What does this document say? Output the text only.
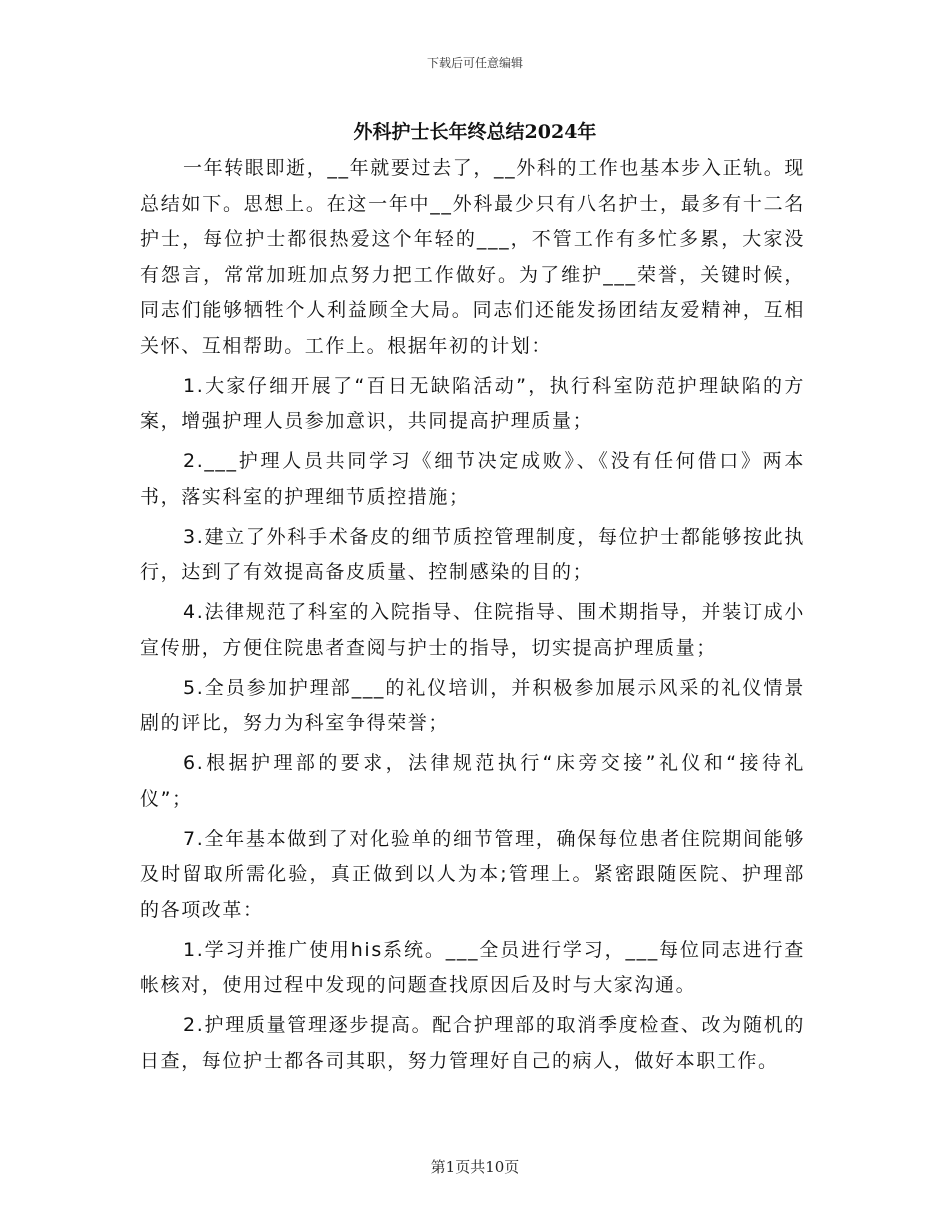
下载后可任意编辑

外科护士长年终总结2024年

一年转眼即逝，__年就要过去了，__外科的工作也基本步入正轨。现总结如下。思想上。在这一年中__外科最少只有八名护士，最多有十二名护士，每位护士都很热爱这个年轻的___，不管工作有多忙多累，大家没有怨言，常常加班加点努力把工作做好。为了维护___荣誉，关键时候，同志们能够牺牲个人利益顾全大局。同志们还能发扬团结友爱精神，互相关怀、互相帮助。工作上。根据年初的计划：

1.大家仔细开展了“百日无缺陷活动”，执行科室防范护理缺陷的方案，增强护理人员参加意识，共同提高护理质量；

2.___护理人员共同学习《细节决定成败》、《没有任何借口》两本书，落实科室的护理细节质控措施；

3.建立了外科手术备皮的细节质控管理制度，每位护士都能够按此执行，达到了有效提高备皮质量、控制感染的目的；

4.法律规范了科室的入院指导、住院指导、围术期指导，并装订成小宣传册，方便住院患者查阅与护士的指导，切实提高护理质量；

5.全员参加护理部___的礼仪培训，并积极参加展示风采的礼仪情景剧的评比，努力为科室争得荣誉；

6.根据护理部的要求，法律规范执行“床旁交接”礼仪和“接待礼仪”；

7.全年基本做到了对化验单的细节管理，确保每位患者住院期间能够及时留取所需化验，真正做到以人为本;管理上。紧密跟随医院、护理部的各项改革：

1.学习并推广使用his系统。___全员进行学习，___每位同志进行查帐核对，使用过程中发现的问题查找原因后及时与大家沟通。

2.护理质量管理逐步提高。配合护理部的取消季度检查、改为随机的日查，每位护士都各司其职，努力管理好自己的病人，做好本职工作。

第1页共10页
